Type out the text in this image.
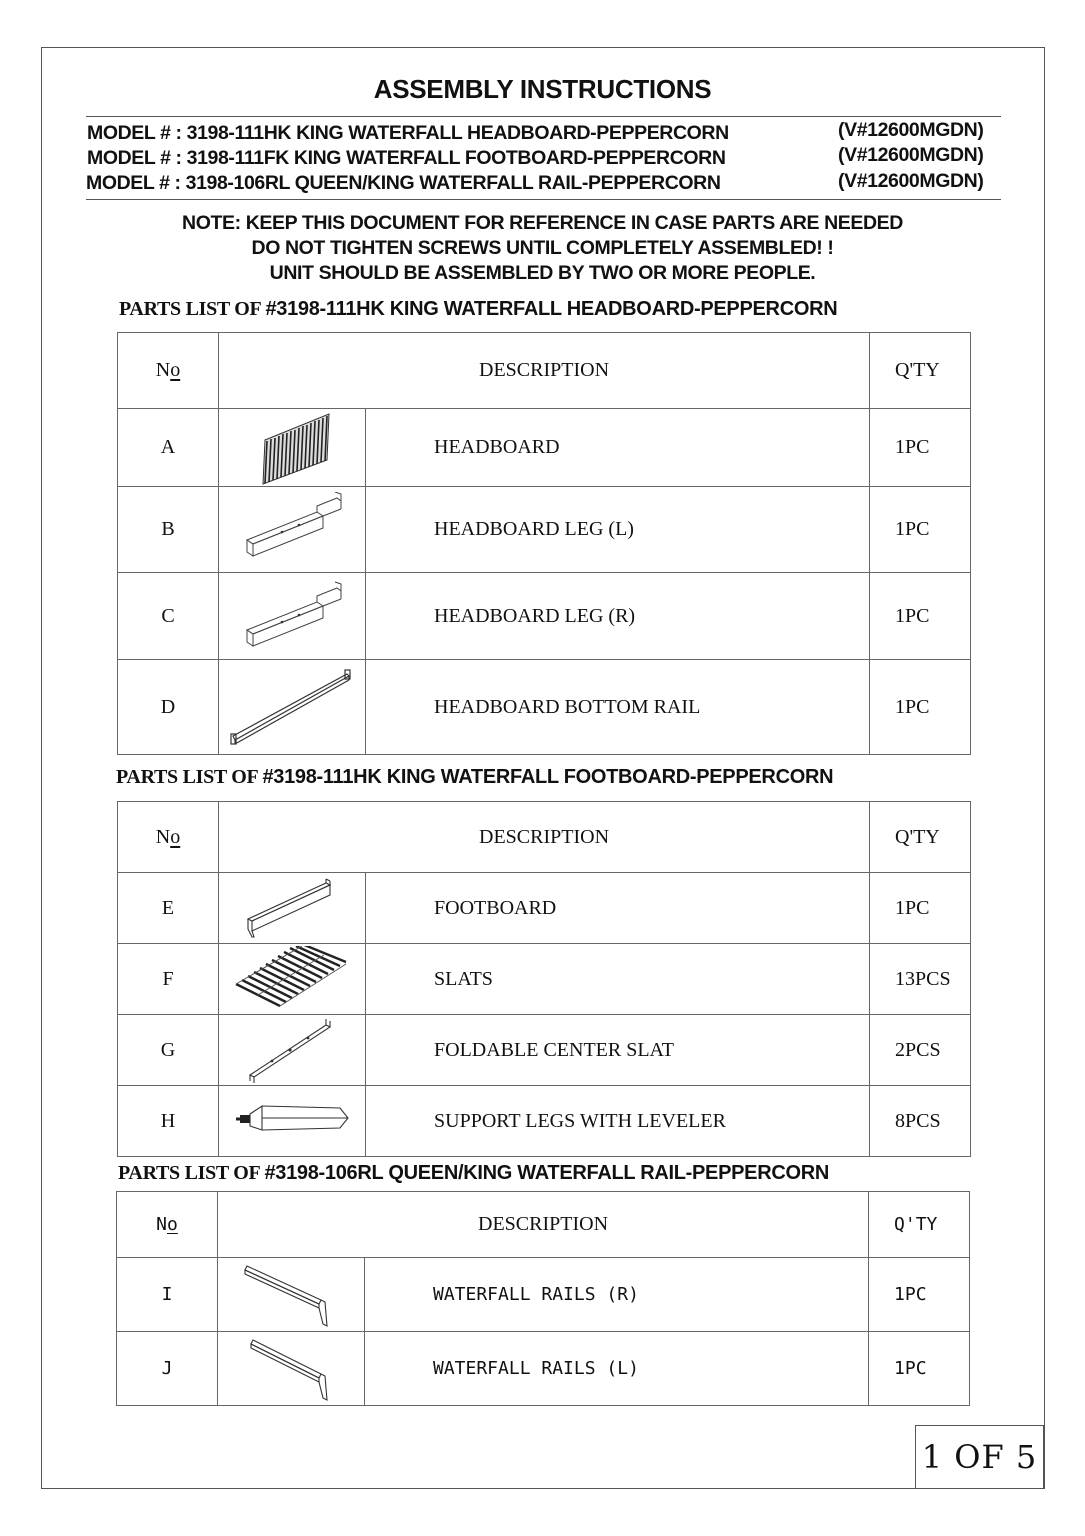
ASSEMBLY INSTRUCTIONS
MODEL # : 3198-111HK KING WATERFALL HEADBOARD-PEPPERCORN	(V#12600MGDN)
MODEL # : 3198-111FK KING WATERFALL FOOTBOARD-PEPPERCORN	(V#12600MGDN)
MODEL # : 3198-106RL QUEEN/KING WATERFALL RAIL-PEPPERCORN	(V#12600MGDN)
NOTE: KEEP THIS DOCUMENT FOR REFERENCE IN CASE PARTS ARE NEEDED
DO NOT TIGHTEN SCREWS UNTIL COMPLETELY ASSEMBLED! !
UNIT SHOULD BE ASSEMBLED BY TWO OR MORE PEOPLE.
PARTS LIST OF #3198-111HK KING WATERFALL HEADBOARD-PEPPERCORN
No	DESCRIPTION		Q'TY
A		HEADBOARD	1PC
B		HEADBOARD LEG (L)	1PC
C		HEADBOARD LEG (R)	1PC
D		HEADBOARD BOTTOM RAIL	1PC
PARTS LIST OF #3198-111HK KING WATERFALL FOOTBOARD-PEPPERCORN
No	DESCRIPTION		Q'TY
E		FOOTBOARD	1PC
F		SLATS	13PCS
G		FOLDABLE CENTER SLAT	2PCS
H		SUPPORT LEGS WITH LEVELER	8PCS
PARTS LIST OF #3198-106RL QUEEN/KING WATERFALL RAIL-PEPPERCORN
No	DESCRIPTION		Q'TY
I		WATERFALL RAILS (R)	1PC
J		WATERFALL RAILS (L)	1PC
1 OF 5
